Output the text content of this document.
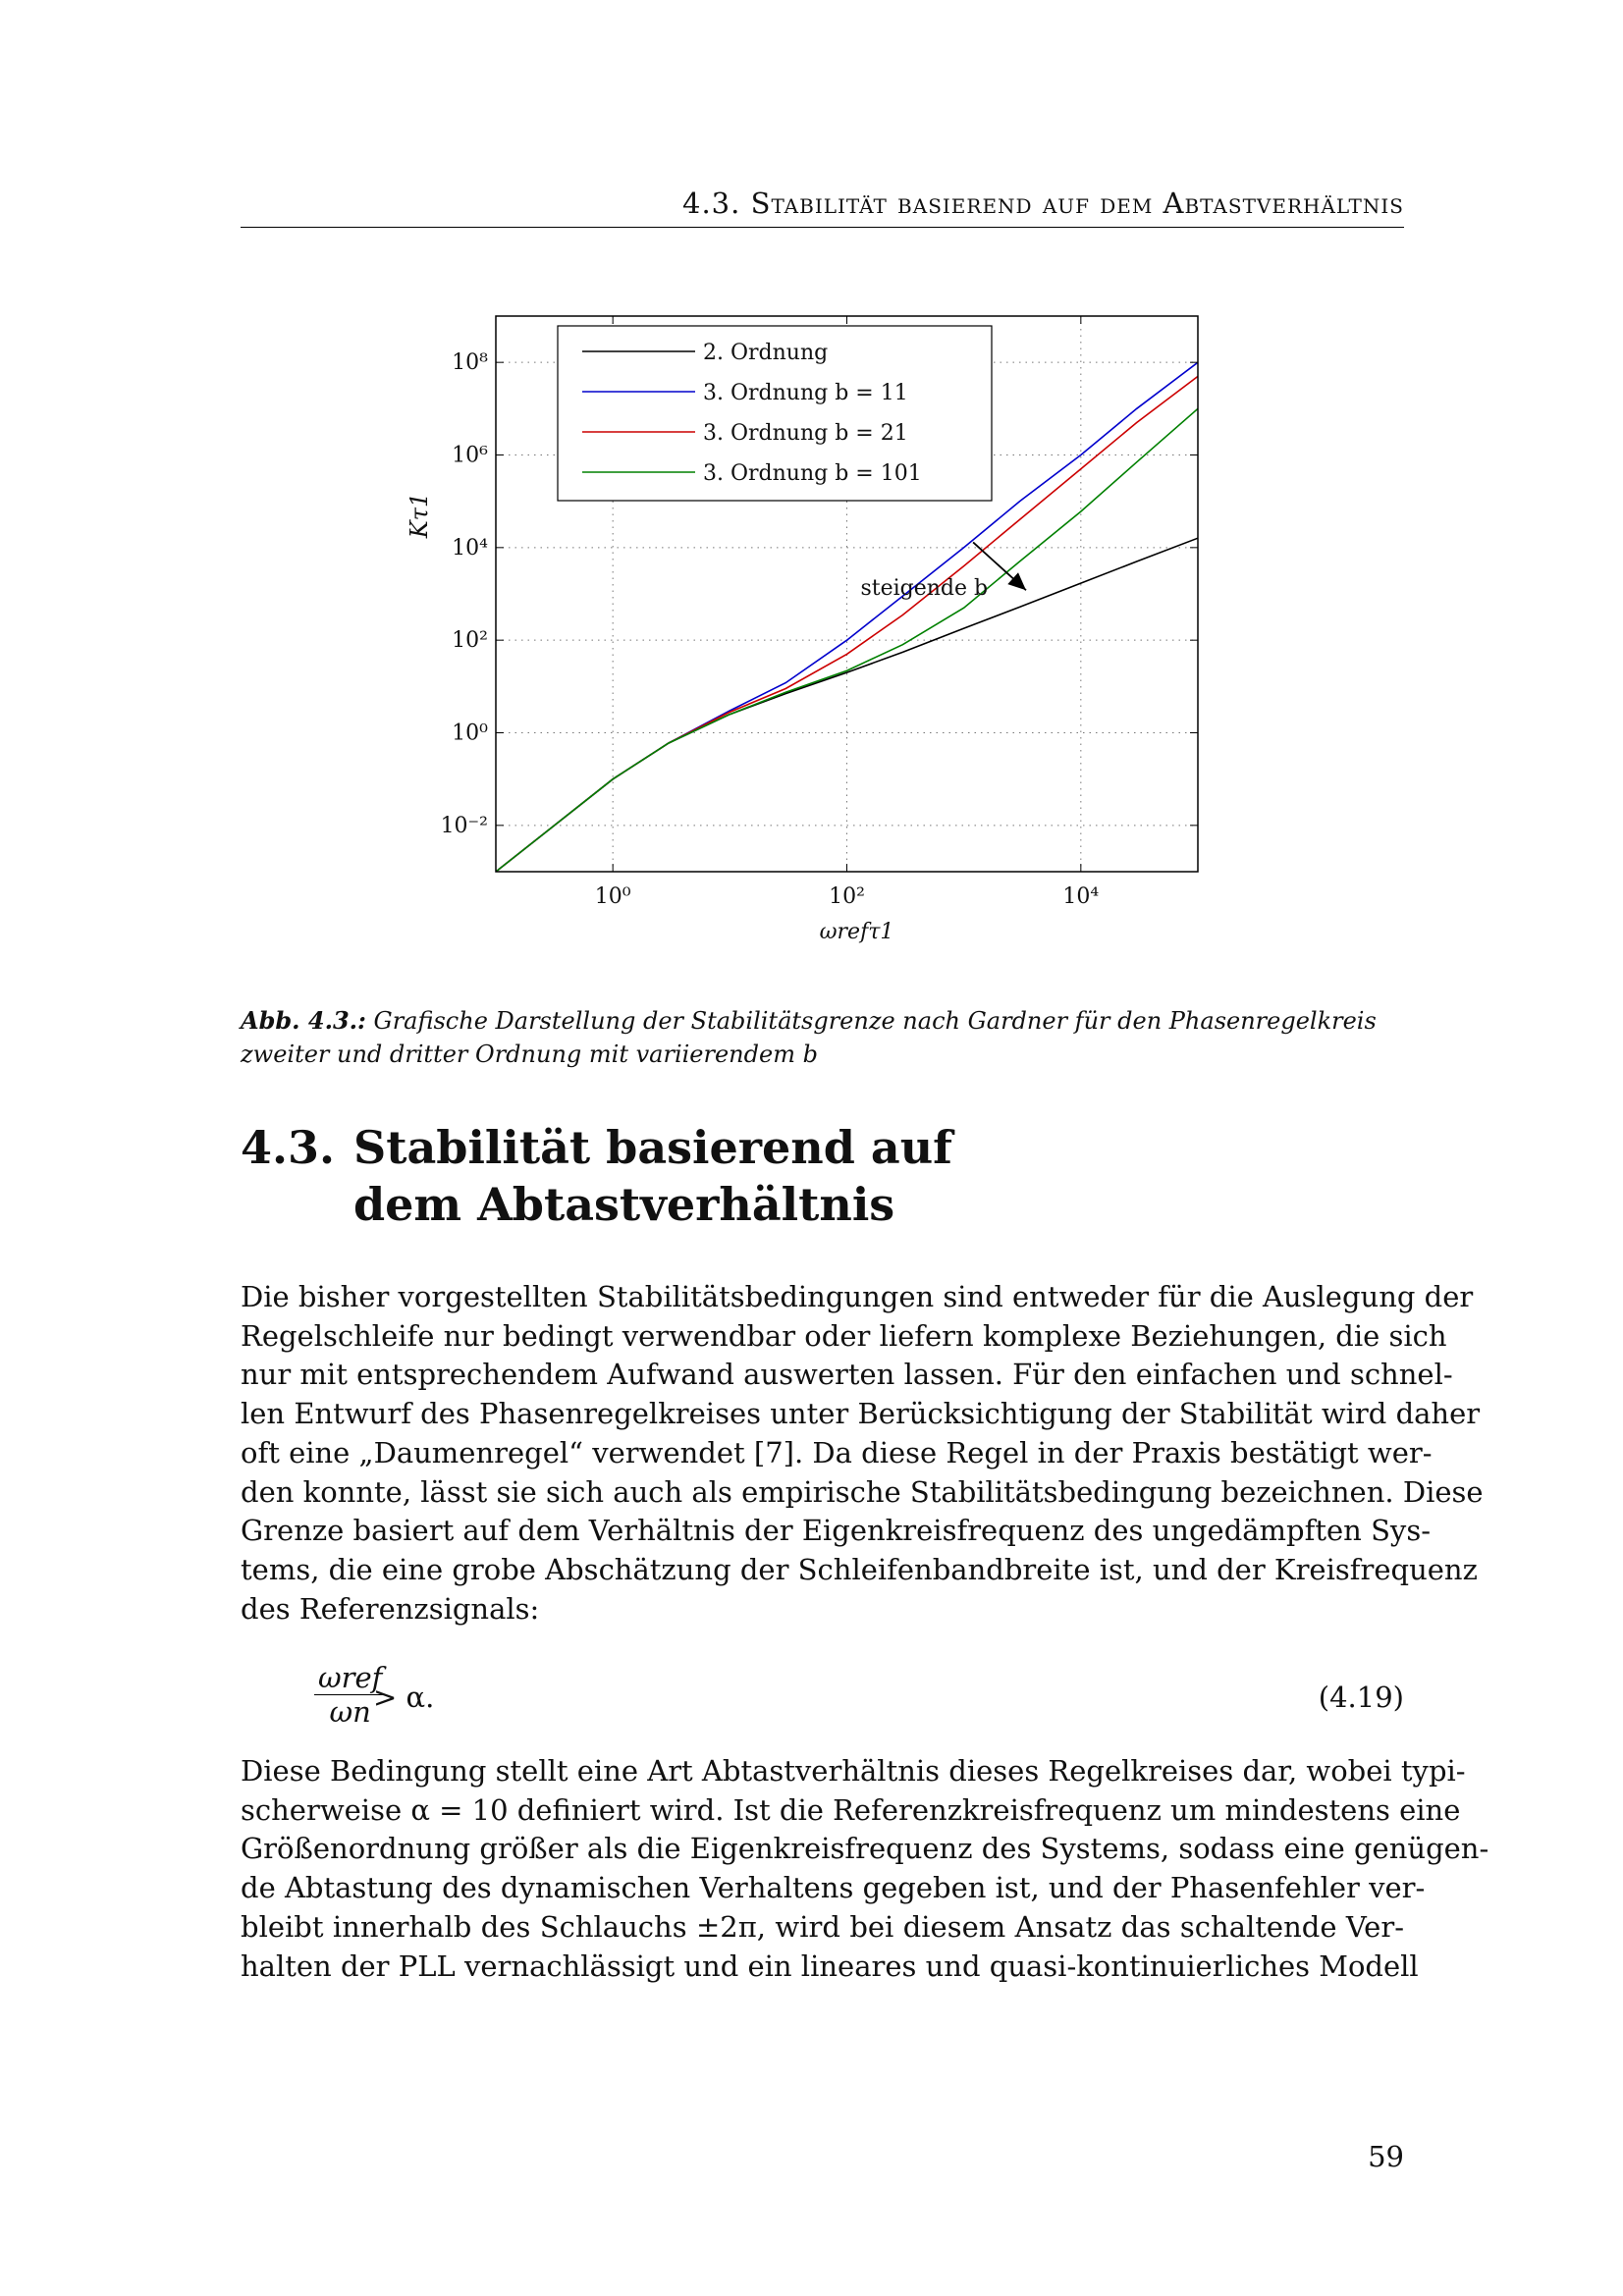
4.3. Stabilität basierend auf dem Abtastverhältnis
10⁰	10²	10⁴
10⁻²
10⁰
10²
10⁴
10⁶
10⁸
ωrefτ1
Kτ1
2. Ordnung
3. Ordnung b = 11
3. Ordnung b = 21
3. Ordnung b = 101
steigende b
Abb. 4.3.: Grafische Darstellung der Stabilitätsgrenze nach Gardner für den Phasenregelkreis zweiter und dritter Ordnung mit variierendem b
4.3. Stabilität basierend auf dem Abtastverhältnis
Die bisher vorgestellten Stabilitätsbedingungen sind entweder für die Auslegung der
Regelschleife nur bedingt verwendbar oder liefern komplexe Beziehungen, die sich
nur mit entsprechendem Aufwand auswerten lassen. Für den einfachen und schnel-
len Entwurf des Phasenregelkreises unter Berücksichtigung der Stabilität wird daher
oft eine „Daumenregel“ verwendet [7]. Da diese Regel in der Praxis bestätigt wer-
den konnte, lässt sie sich auch als empirische Stabilitätsbedingung bezeichnen. Diese
Grenze basiert auf dem Verhältnis der Eigenkreisfrequenz des ungedämpften Sys-
tems, die eine grobe Abschätzung der Schleifenbandbreite ist, und der Kreisfrequenz
des Referenzsignals:
ωref
ωn > α.	(4.19)
Diese Bedingung stellt eine Art Abtastverhältnis dieses Regelkreises dar, wobei typi-
scherweise α = 10 definiert wird. Ist die Referenzkreisfrequenz um mindestens eine
Größenordnung größer als die Eigenkreisfrequenz des Systems, sodass eine genügen-
de Abtastung des dynamischen Verhaltens gegeben ist, und der Phasenfehler ver-
bleibt innerhalb des Schlauchs ±2π, wird bei diesem Ansatz das schaltende Ver-
halten der PLL vernachlässigt und ein lineares und quasi-kontinuierliches Modell
59
